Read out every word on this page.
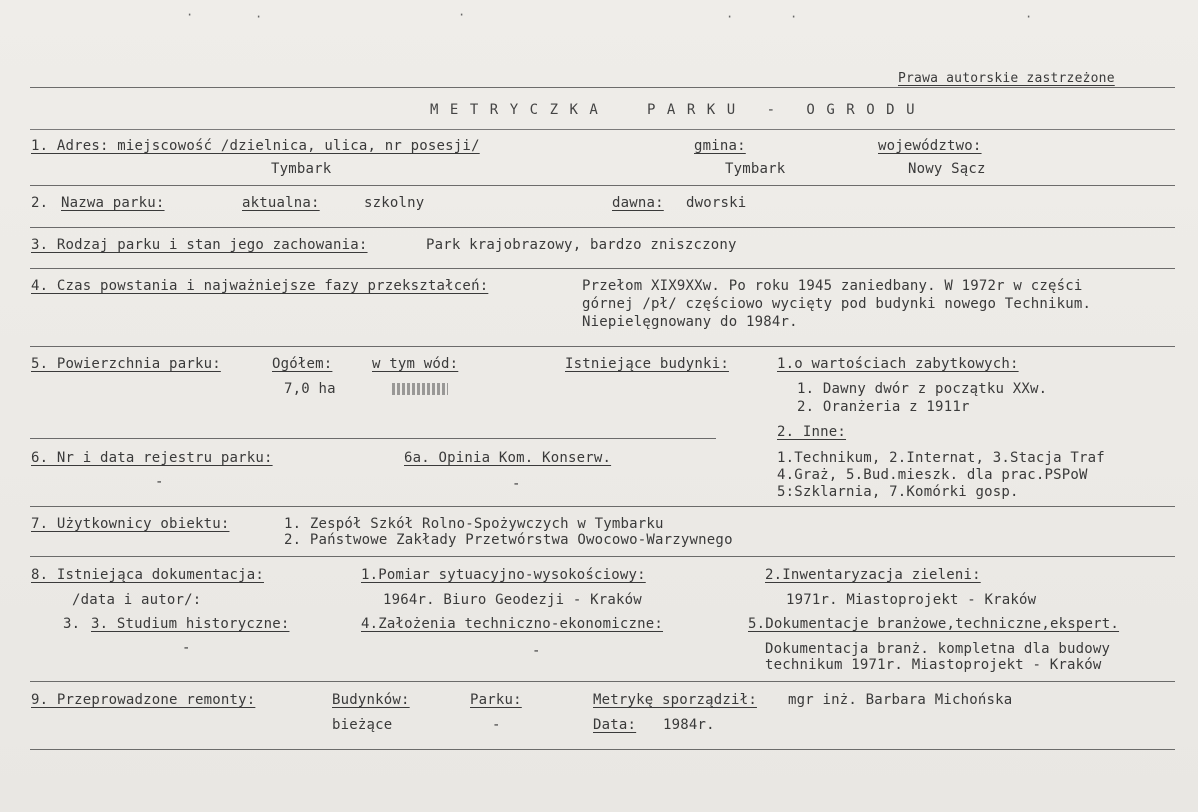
·	·	·	·	·	·
Prawa autorskie zastrzeżone
METRYCZKA	PARKU - OGRODU
1. Adres: miejscowość /dzielnica, ulica, nr posesji/	gmina:	województwo:
Tymbark	Tymbark	Nowy Sącz
2. Nazwa parku:	aktualna:	szkolny	dawna: dworski
3. Rodzaj parku i stan jego zachowania:	Park krajobrazowy, bardzo zniszczony
4. Czas powstania i najważniejsze fazy przekształceń:	Przełom XIX9XXw. Po roku 1945 zaniedbany. W 1972r w części
górnej /pł/ częściowo wycięty pod budynki nowego Technikum.
Niepielęgnowany do 1984r.
5. Powierzchnia parku:	Ogółem:	w tym wód:	Istniejące budynki:	1.o wartościach zabytkowych:
7,0 ha	1. Dawny dwór z początku XXw.
2. Oranżeria z 1911r
2. Inne:
6. Nr i data rejestru parku:	6a. Opinia Kom. Konserw.
-	-
1.Technikum, 2.Internat, 3.Stacja Traf
4.Graż, 5.Bud.mieszk. dla prac.PSPoW
5:Szklarnia, 7.Komórki gosp.
7. Użytkownicy obiektu:	1. Zespół Szkół Rolno-Spożywczych w Tymbarku
2. Państwowe Zakłady Przetwórstwa Owocowo-Warzywnego
8. Istniejąca dokumentacja:	1.Pomiar sytuacyjno-wysokościowy:	2.Inwentaryzacja zieleni:
/data i autor/:	1964r. Biuro Geodezji - Kraków	1971r. Miastoprojekt - Kraków
3. 3. Studium historyczne:	4.Założenia techniczno-ekonomiczne:	5.Dokumentacje branżowe,techniczne,ekspert.
-	-	Dokumentacja branż. kompletna dla budowy
technikum 1971r. Miastoprojekt - Kraków
9. Przeprowadzone remonty:	Budynków:	Parku:	Metrykę sporządził: mgr inż. Barbara Michońska
bieżące	-	Data: 1984r.
